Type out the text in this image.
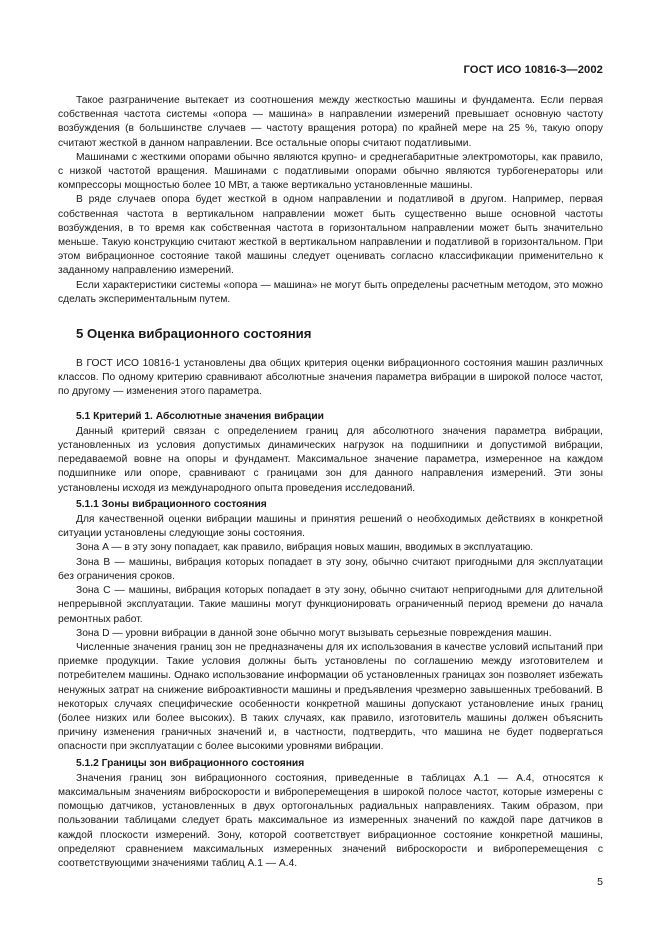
ГОСТ ИСО 10816-3—2002

Такое разграничение вытекает из соотношения между жесткостью машины и фундамента. Если первая собственная частота системы «опора — машина» в направлении измерений превышает основную частоту возбуждения (в большинстве случаев — частоту вращения ротора) по крайней мере на 25 %, такую опору считают жесткой в данном направлении. Все остальные опоры считают податливыми.

Машинами с жесткими опорами обычно являются крупно- и среднегабаритные электромоторы, как правило, с низкой частотой вращения. Машинами с податливыми опорами обычно являются турбогенераторы или компрессоры мощностью более 10 МВт, а также вертикально установленные машины.

В ряде случаев опора будет жесткой в одном направлении и податливой в другом. Например, первая собственная частота в вертикальном направлении может быть существенно выше основной частоты возбуждения, в то время как собственная частота в горизонтальном направлении может быть значительно меньше. Такую конструкцию считают жесткой в вертикальном направлении и податливой в горизонтальном. При этом вибрационное состояние такой машины следует оценивать согласно классификации применительно к заданному направлению измерений.

Если характеристики системы «опора — машина» не могут быть определены расчетным методом, это можно сделать экспериментальным путем.

5 Оценка вибрационного состояния

В ГОСТ ИСО 10816-1 установлены два общих критерия оценки вибрационного состояния машин различных классов. По одному критерию сравнивают абсолютные значения параметра вибрации в широкой полосе частот, по другому — изменения этого параметра.

5.1 Критерий 1. Абсолютные значения вибрации

Данный критерий связан с определением границ для абсолютного значения параметра вибрации, установленных из условия допустимых динамических нагрузок на подшипники и допустимой вибрации, передаваемой вовне на опоры и фундамент. Максимальное значение параметра, измеренное на каждом подшипнике или опоре, сравнивают с границами зон для данного направления измерений. Эти зоны установлены исходя из международного опыта проведения исследований.

5.1.1 Зоны вибрационного состояния

Для качественной оценки вибрации машины и принятия решений о необходимых действиях в конкретной ситуации установлены следующие зоны состояния.

Зона A — в эту зону попадает, как правило, вибрация новых машин, вводимых в эксплуатацию.

Зона B — машины, вибрация которых попадает в эту зону, обычно считают пригодными для эксплуатации без ограничения сроков.

Зона C — машины, вибрация которых попадает в эту зону, обычно считают непригодными для длительной непрерывной эксплуатации. Такие машины могут функционировать ограниченный период времени до начала ремонтных работ.

Зона D — уровни вибрации в данной зоне обычно могут вызывать серьезные повреждения машин.

Численные значения границ зон не предназначены для их использования в качестве условий испытаний при приемке продукции. Такие условия должны быть установлены по соглашению между изготовителем и потребителем машины. Однако использование информации об установленных границах зон позволяет избежать ненужных затрат на снижение виброактивности машины и предъявления чрезмерно завышенных требований. В некоторых случаях специфические особенности конкретной машины допускают установление иных границ (более низких или более высоких). В таких случаях, как правило, изготовитель машины должен объяснить причину изменения граничных значений и, в частности, подтвердить, что машина не будет подвергаться опасности при эксплуатации с более высокими уровнями вибрации.

5.1.2 Границы зон вибрационного состояния

Значения границ зон вибрационного состояния, приведенные в таблицах А.1 — А.4, относятся к максимальным значениям виброскорости и виброперемещения в широкой полосе частот, которые измерены с помощью датчиков, установленных в двух ортогональных радиальных направлениях. Таким образом, при пользовании таблицами следует брать максимальное из измеренных значений по каждой паре датчиков в каждой плоскости измерений. Зону, которой соответствует вибрационное состояние конкретной машины, определяют сравнением максимальных измеренных значений виброскорости и виброперемещения с соответствующими значениями таблиц А.1 — А.4.

5
